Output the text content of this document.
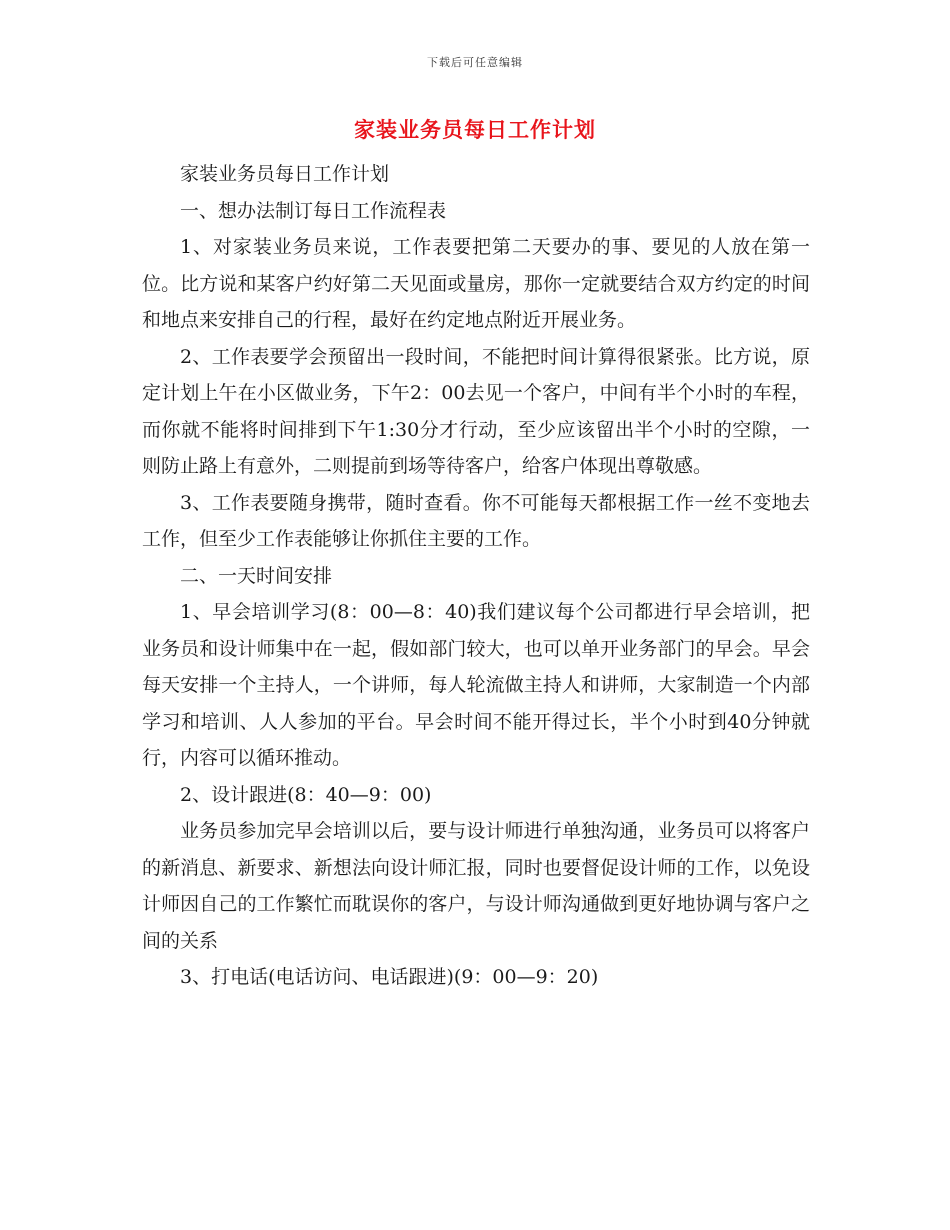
下载后可任意编辑
家装业务员每日工作计划

家装业务员每日工作计划

一、想办法制订每日工作流程表

1、对家装业务员来说，工作表要把第二天要办的事、要见的人放在第一位。比方说和某客户约好第二天见面或量房，那你一定就要结合双方约定的时间和地点来安排自己的行程，最好在约定地点附近开展业务。

2、工作表要学会预留出一段时间，不能把时间计算得很紧张。比方说，原定计划上午在小区做业务，下午2：00去见一个客户，中间有半个小时的车程，而你就不能将时间排到下午1:30分才行动，至少应该留出半个小时的空隙，一则防止路上有意外，二则提前到场等待客户，给客户体现出尊敬感。

3、工作表要随身携带，随时查看。你不可能每天都根据工作一丝不变地去工作，但至少工作表能够让你抓住主要的工作。

二、一天时间安排

1、早会培训学习(8：00—8：40)我们建议每个公司都进行早会培训，把业务员和设计师集中在一起，假如部门较大，也可以单开业务部门的早会。早会每天安排一个主持人，一个讲师，每人轮流做主持人和讲师，大家制造一个内部学习和培训、人人参加的平台。早会时间不能开得过长，半个小时到40分钟就行，内容可以循环推动。

2、设计跟进(8：40—9：00)

业务员参加完早会培训以后，要与设计师进行单独沟通，业务员可以将客户的新消息、新要求、新想法向设计师汇报，同时也要督促设计师的工作，以免设计师因自己的工作繁忙而耽误你的客户，与设计师沟通做到更好地协调与客户之间的关系

3、打电话(电话访问、电话跟进)(9：00—9：20)
